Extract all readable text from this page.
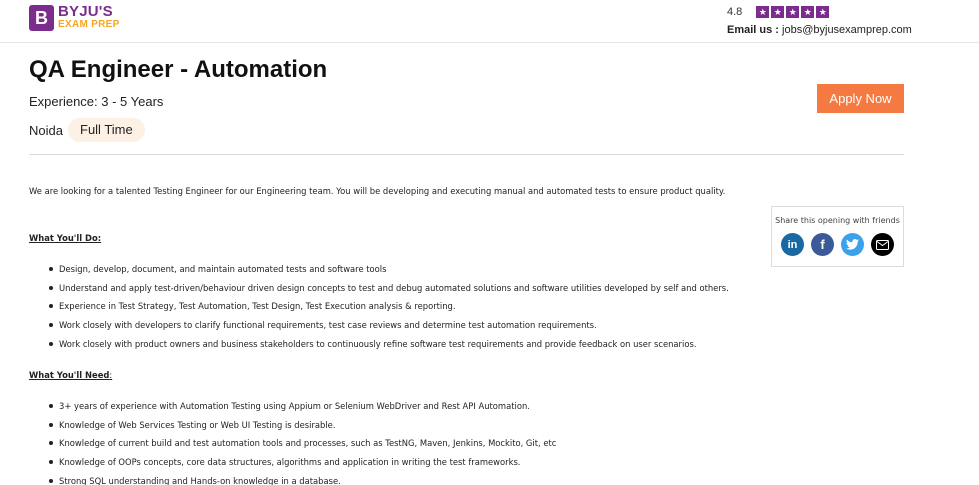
B BYJU'S
EXAM PREP
4.8 ★ ★ ★ ★ ★
Email us : jobs@byjusexamprep.com
QA Engineer - Automation
Experience: 3 - 5 Years
Noida	Full Time
Apply Now
Share this opening with friends
in	f
We are looking for a talented Testing Engineer for our Engineering team. You will be developing and executing manual and automated tests to ensure product quality.
What You'll Do:
Design, develop, document, and maintain automated tests and software tools
Understand and apply test-driven/behaviour driven design concepts to test and debug automated solutions and software utilities developed by self and others.
Experience in Test Strategy, Test Automation, Test Design, Test Execution analysis & reporting.
Work closely with developers to clarify functional requirements, test case reviews and determine test automation requirements.
Work closely with product owners and business stakeholders to continuously refine software test requirements and provide feedback on user scenarios.
What You'll Need:
3+ years of experience with Automation Testing using Appium or Selenium WebDriver and Rest API Automation.
Knowledge of Web Services Testing or Web UI Testing is desirable.
Knowledge of current build and test automation tools and processes, such as TestNG, Maven, Jenkins, Mockito, Git, etc
Knowledge of OOPs concepts, core data structures, algorithms and application in writing the test frameworks.
Strong SQL understanding and Hands-on knowledge in a database.
